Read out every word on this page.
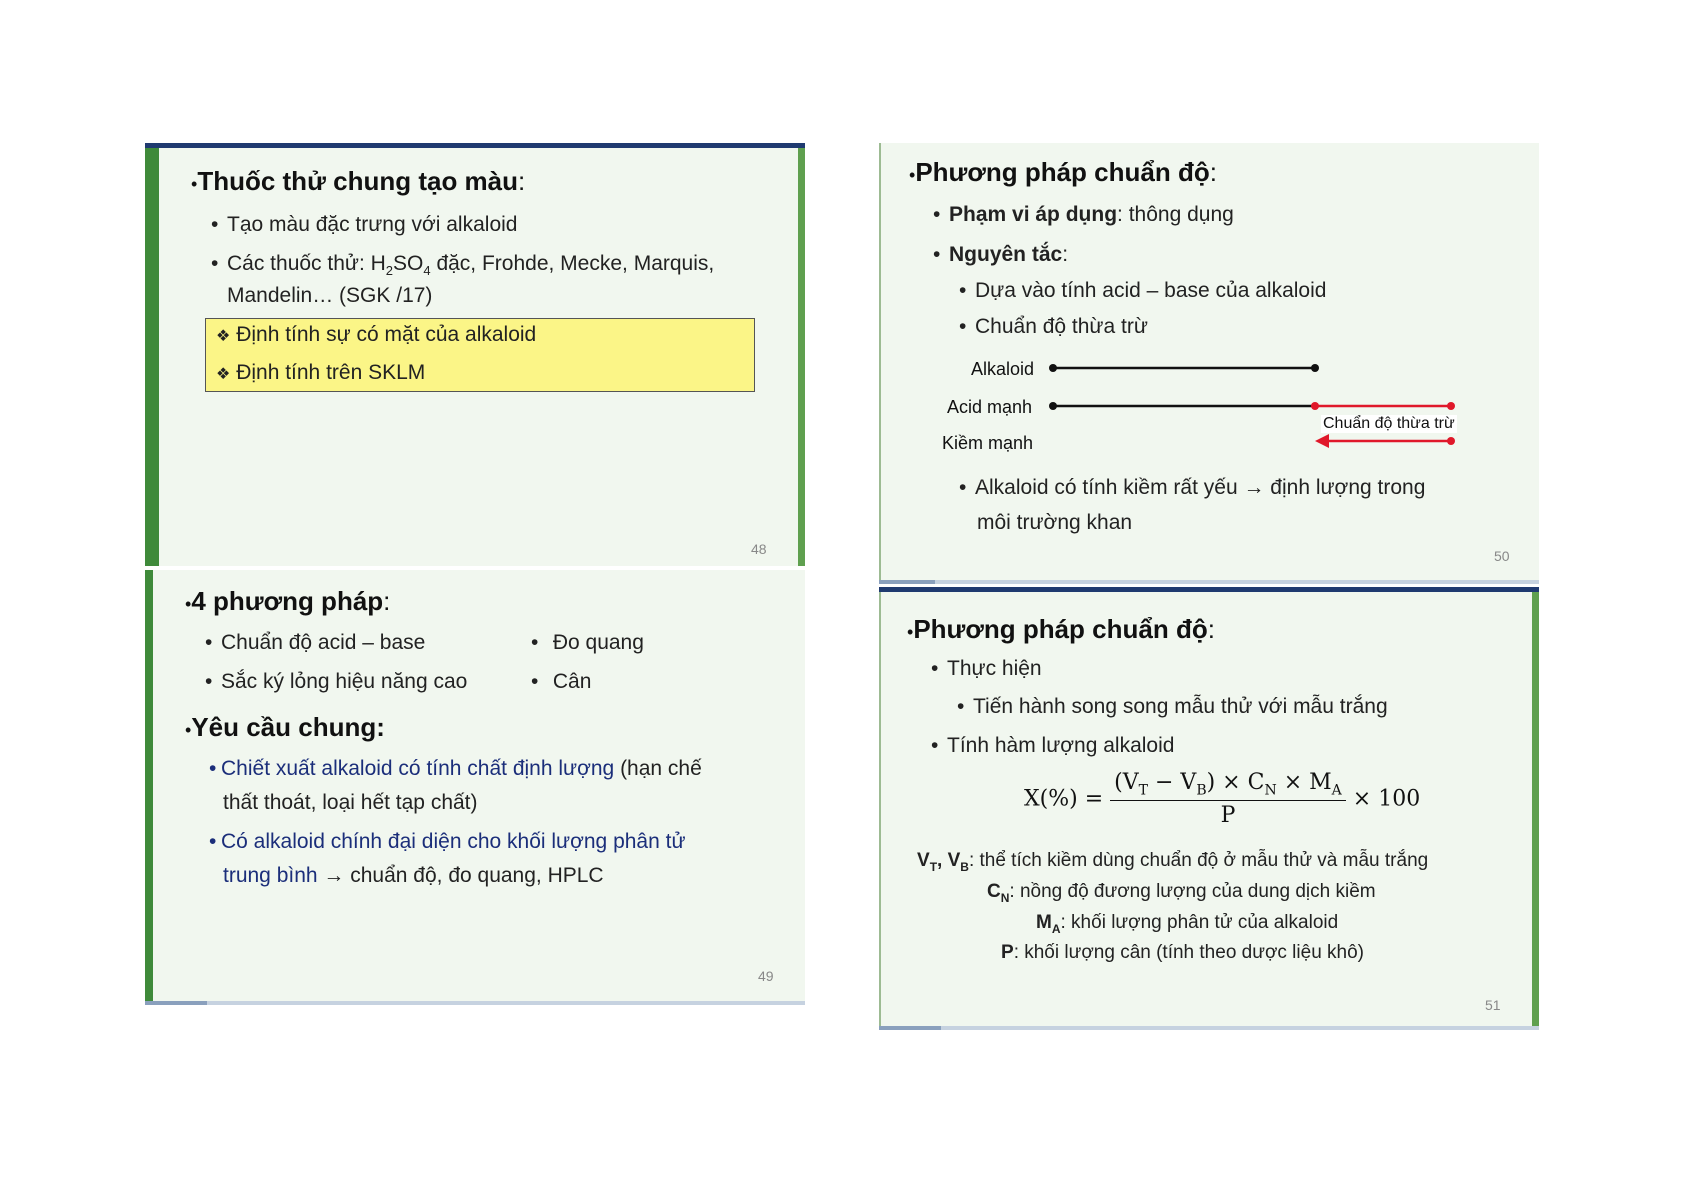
•Thuốc thử chung tạo màu:
• Tạo màu đặc trưng với alkaloid
• Các thuốc thử: $H_2SO_4$ đặc, Frohde, Mecke, Marquis,
Mandelin… (SGK /17)
❖ Định tính sự có mặt của alkaloid
❖ Định tính trên SKLM
48
•4 phương pháp:
• Chuẩn độ acid – base	• Đo quang
• Sắc ký lỏng hiệu năng cao	• Cân
•Yêu cầu chung:
• Chiết xuất alkaloid có tính chất định lượng (hạn chế
thất thoát, loại hết tạp chất)
• Có alkaloid chính đại diện cho khối lượng phân tử
trung bình → chuẩn độ, đo quang, HPLC
49
•Phương pháp chuẩn độ:
• Phạm vi áp dụng: thông dụng
• Nguyên tắc:
• Dựa vào tính acid – base của alkaloid
• Chuẩn độ thừa trừ
Alkaloid
Acid mạnh
Kiềm mạnh
Chuẩn độ thừa trừ
• Alkaloid có tính kiềm rất yếu → định lượng trong
môi trường khan
50
•Phương pháp chuẩn độ:
• Thực hiện
• Tiến hành song song mẫu thử với mẫu trắng
• Tính hàm lượng alkaloid
$X(\%) = \frac{(V_T - V_B) \times C_N \times M_A}{P} \times 100$
$V_T$, $V_B$: thể tích kiềm dùng chuẩn độ ở mẫu thử và mẫu trắng
$C_N$: nồng độ đương lượng của dung dịch kiềm
$M_A$: khối lượng phân tử của alkaloid
P: khối lượng cân (tính theo dược liệu khô)
51
